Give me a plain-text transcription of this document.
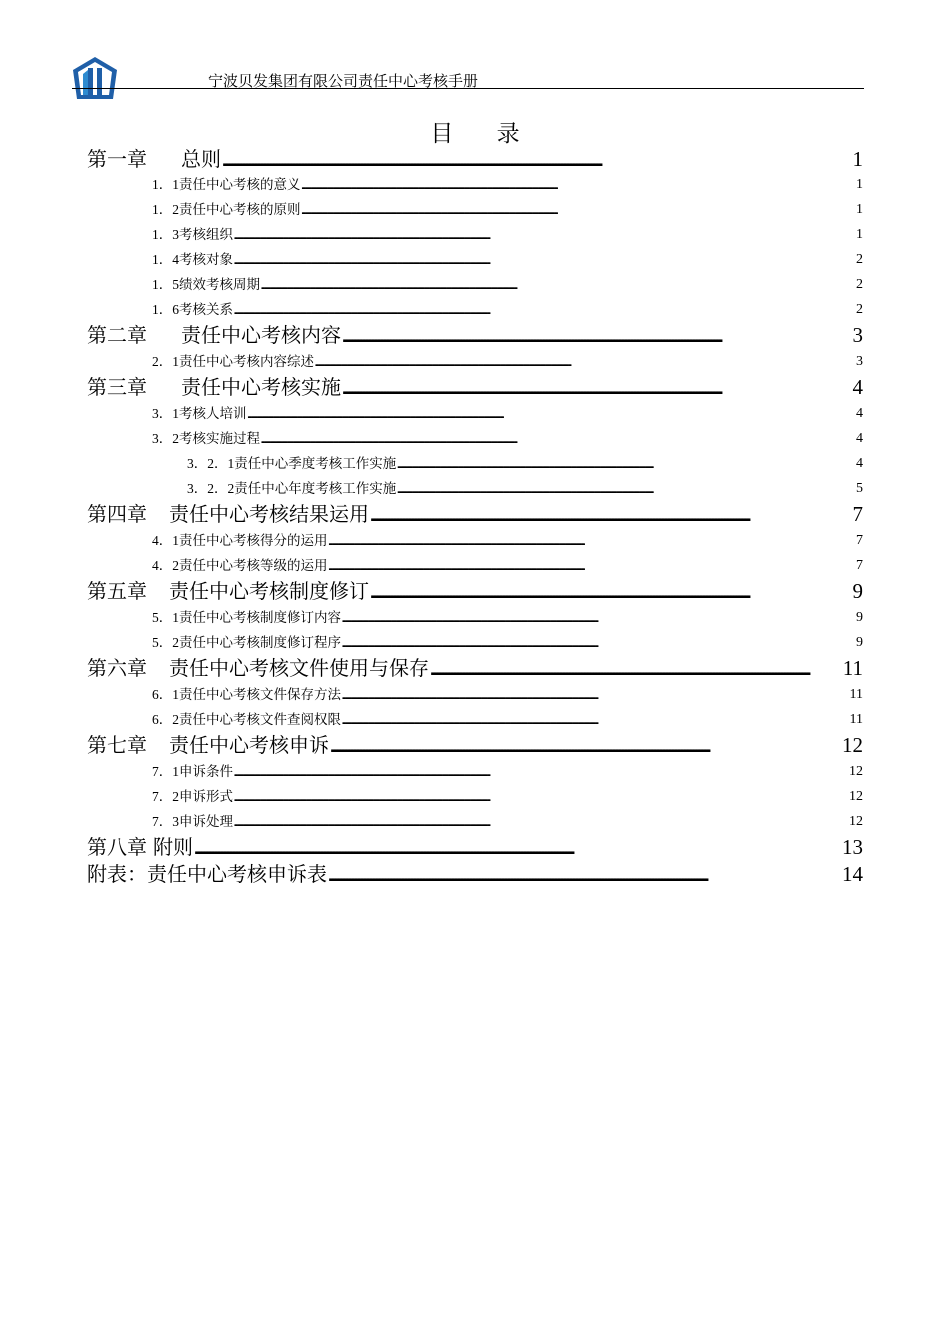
宁波贝发集团有限公司责任中心考核手册
目 录
第一章 总则 . . .	1
1．1责任中心考核的意义 . . .	1
1．2责任中心考核的原则 . . .	1
1．3考核组织 . . .	1
1．4考核对象 . . .	2
1．5绩效考核周期 . . .	2
1．6考核关系 . . .	2
第二章 责任中心考核内容 . . .	3
2．1责任中心考核内容综述 . . .	3
第三章 责任中心考核实施 . . .	4
3．1考核人培训 . . .	4
3．2考核实施过程 . . .	4
3．2．1责任中心季度考核工作实施 . . .	4
3．2．2责任中心年度考核工作实施 . . .	5
第四章 责任中心考核结果运用 . . .	7
4．1责任中心考核得分的运用 . . .	7
4．2责任中心考核等级的运用 . . .	7
第五章 责任中心考核制度修订 . . .	9
5．1责任中心考核制度修订内容 . . .	9
5．2责任中心考核制度修订程序 . . .	9
第六章 责任中心考核文件使用与保存 . . .	11
6．1责任中心考核文件保存方法 . . .	11
6．2责任中心考核文件查阅权限 . . .	11
第七章 责任中心考核申诉 . . .	12
7．1申诉条件 . . .	12
7．2申诉形式 . . .	12
7．3申诉处理 . . .	12
第八章 附则 . . .	13
附表：责任中心考核申诉表 . . .	14
